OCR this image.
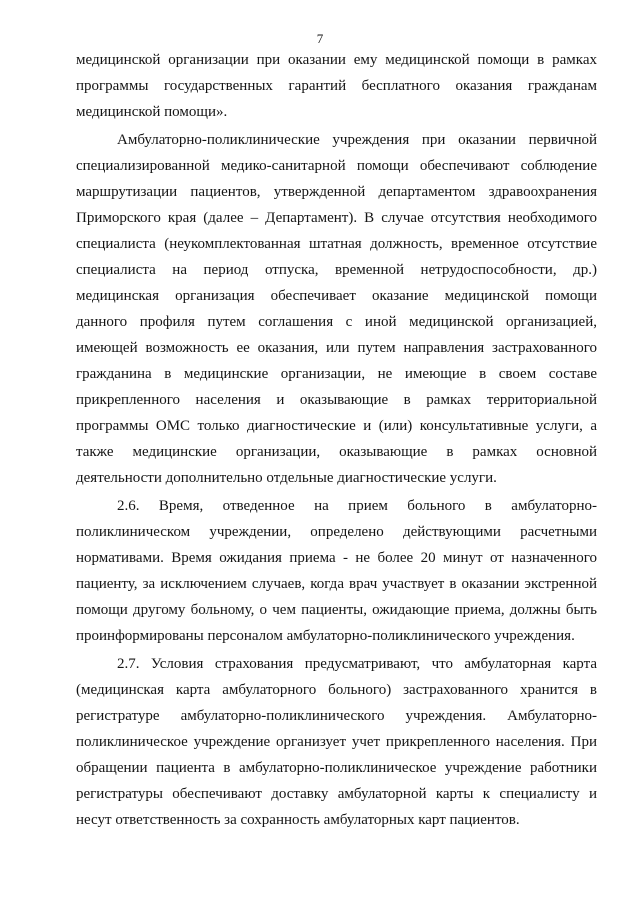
7
медицинской организации при оказании ему медицинской помощи в рамках
программы государственных гарантий бесплатного оказания гражданам
медицинской помощи».
Амбулаторно-поликлинические учреждения при оказании первичной
специализированной медико-санитарной помощи обеспечивают соблюдение
маршрутизации пациентов, утвержденной департаментом здравоохранения
Приморского края (далее – Департамент). В случае отсутствия необходимого
специалиста (неукомплектованная штатная должность, временное отсутствие
специалиста на период отпуска, временной нетрудоспособности, др.)
медицинская организация обеспечивает оказание медицинской помощи
данного профиля путем соглашения с иной медицинской организацией,
имеющей возможность ее оказания, или путем направления застрахованного
гражданина в медицинские организации, не имеющие в своем составе
прикрепленного населения и оказывающие в рамках территориальной
программы ОМС только диагностические и (или) консультативные услуги, а
также медицинские организации, оказывающие в рамках основной
деятельности дополнительно отдельные диагностические услуги.
2.6. Время, отведенное на прием больного в амбулаторно-
поликлиническом учреждении, определено действующими расчетными
нормативами. Время ожидания приема - не более 20 минут от назначенного
пациенту, за исключением случаев, когда врач участвует в оказании экстренной
помощи другому больному, о чем пациенты, ожидающие приема, должны быть
проинформированы персоналом амбулаторно-поликлинического учреждения.
2.7. Условия страхования предусматривают, что амбулаторная карта
(медицинская карта амбулаторного больного) застрахованного хранится в
регистратуре амбулаторно-поликлинического учреждения. Амбулаторно-
поликлиническое учреждение организует учет прикрепленного населения. При
обращении пациента в амбулаторно-поликлиническое учреждение работники
регистратуры обеспечивают доставку амбулаторной карты к специалисту и
несут ответственность за сохранность амбулаторных карт пациентов.
